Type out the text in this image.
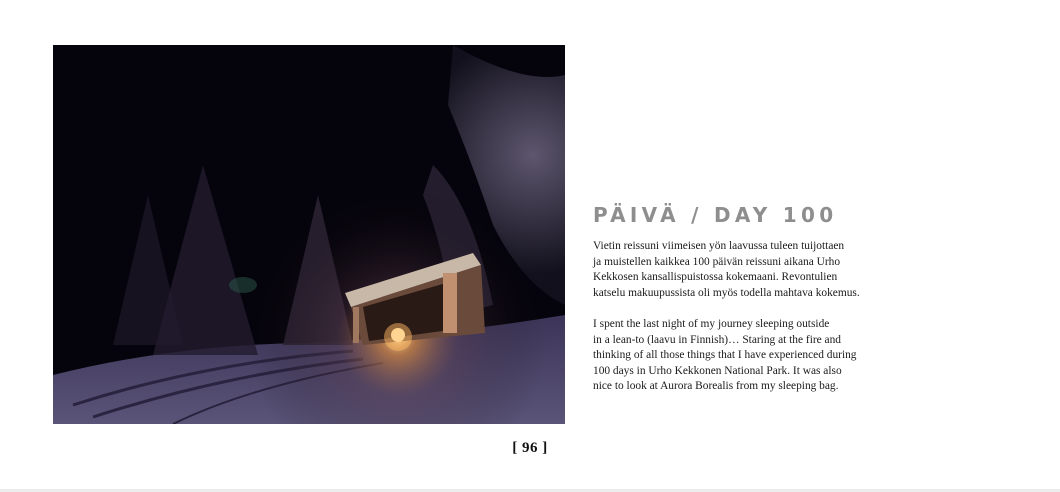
[ 96 ]
PÄIVÄ / DAY 100
Vietin reissuni viimeisen yön laavussa tuleen tuijottaen
ja muistellen kaikkea 100 päivän reissuni aikana Urho
Kekkosen kansallispuistossa kokemaani. Revontulien
katselu makuupussista oli myös todella mahtava kokemus.
I spent the last night of my journey sleeping outside
in a lean-to (laavu in Finnish)… Staring at the fire and
thinking of all those things that I have experienced during
100 days in Urho Kekkonen National Park. It was also
nice to look at Aurora Borealis from my sleeping bag.
